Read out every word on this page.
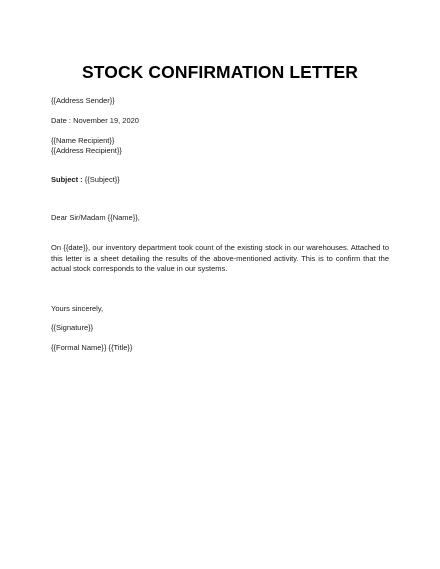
STOCK CONFIRMATION LETTER
{{Address Sender}}
Date : November 19, 2020
{{Name Recipient}}
{{Address Recipient}}
Subject : {{Subject}}
Dear Sir/Madam {{Name}},

On {{date}}, our inventory department took count of the existing stock in our warehouses. Attached to this letter is a sheet detailing the results of the above-mentioned activity. This is to confirm that the actual stock corresponds to the value in our systems.

Yours sincerely,
{{Signature}}
{{Formal Name}} {{Title}}
